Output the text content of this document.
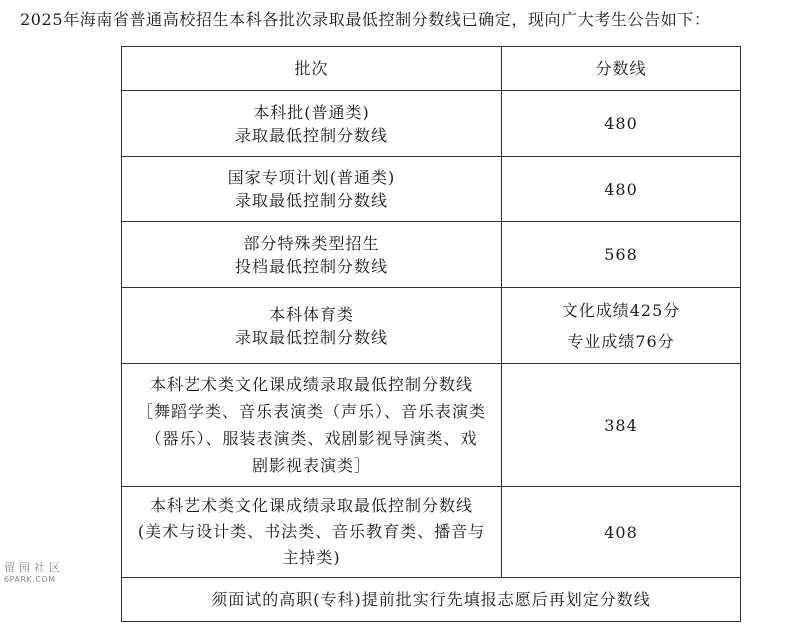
2025年海南省普通高校招生本科各批次录取最低控制分数线已确定，现向广大考生公告如下：
批次	分数线

本科批(普通类)
录取最低控制分数线	480

国家专项计划(普通类)
录取最低控制分数线	480

部分特殊类型招生
投档最低控制分数线	568

本科体育类
录取最低控制分数线	文化成绩425分
专业成绩76分

本科艺术类文化课成绩录取最低控制分数线
［舞蹈学类、音乐表演类（声乐）、音乐表演类
（器乐）、服装表演类、戏剧影视导演类、戏
剧影视表演类］	384

本科艺术类文化课成绩录取最低控制分数线
(美术与设计类、书法类、音乐教育类、播音与
主持类)	408

须面试的高职(专科)提前批实行先填报志愿后再划定分数线	
留园社区
6PARK.COM
